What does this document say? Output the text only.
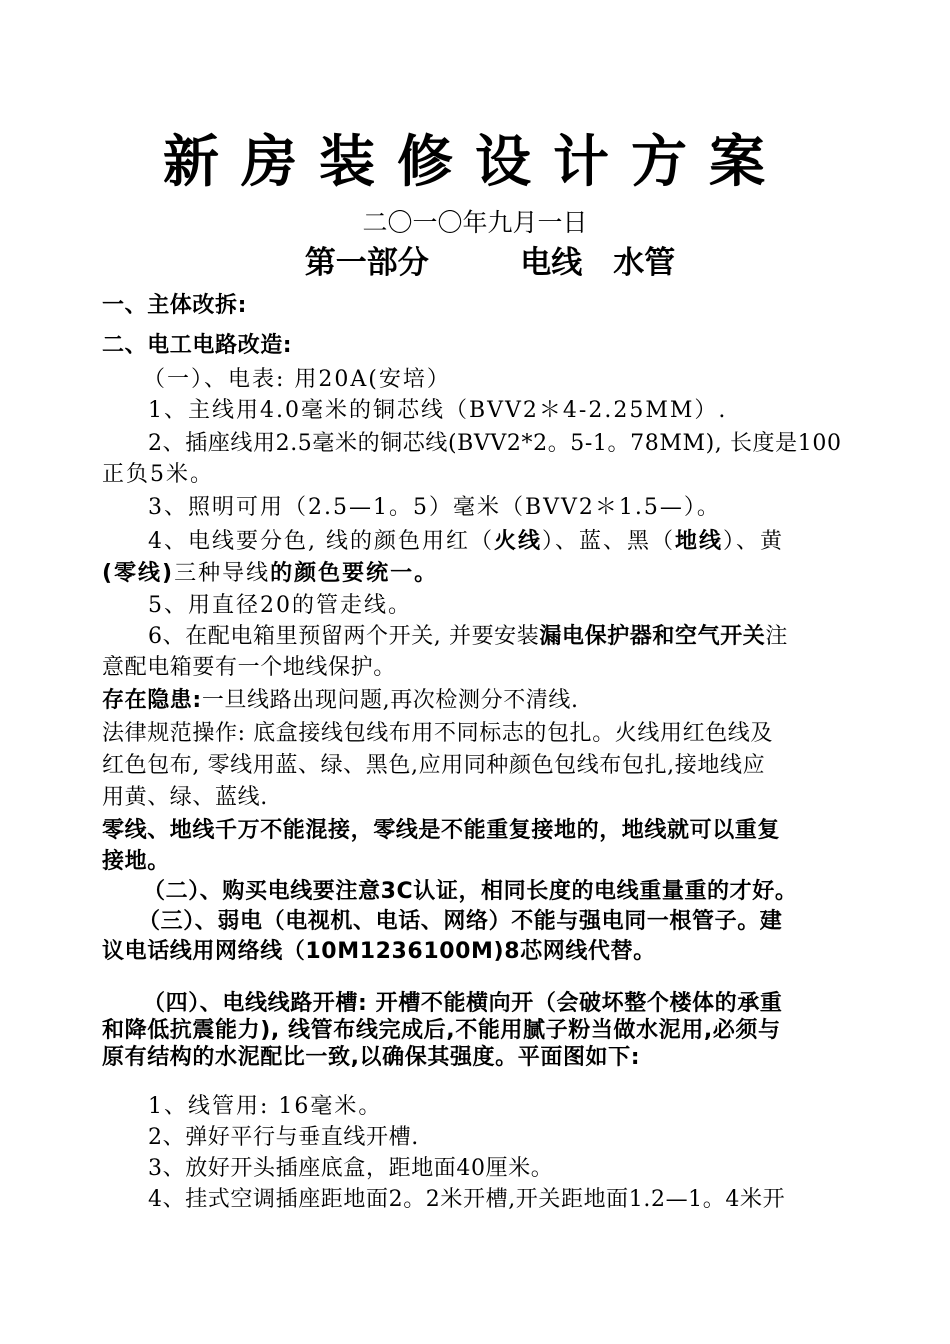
新房装修设计方案
二〇一〇年九月一日
第一部分	电线　水管
一、主体改拆:
二、电工电路改造:
（一）、电表: 用20A(安培）
1、主线用4.0毫米的铜芯线（BVV2＊4-2.25MM）.
2、插座线用2.5毫米的铜芯线(BVV2*2。5-1。78MM), 长度是100
正负5米。
3、照明可用（2.5—1。5）毫米（BVV2＊1.5—）。
4、电线要分色, 线的颜色用红（火线）、蓝、黑（地线）、黄
(零线)三种导线的颜色要统一。
5、用直径20的管走线。
6、在配电箱里预留两个开关, 并要安装漏电保护器和空气开关注
意配电箱要有一个地线保护。
存在隐患:一旦线路出现问题,再次检测分不清线.
法律规范操作: 底盒接线包线布用不同标志的包扎。火线用红色线及
红色包布, 零线用蓝、绿、黑色,应用同种颜色包线布包扎,接地线应
用黄、绿、蓝线.
零线、地线千万不能混接，零线是不能重复接地的，地线就可以重复
接地。
（二）、购买电线要注意3C认证，相同长度的电线重量重的才好。
（三）、弱电（电视机、电话、网络）不能与强电同一根管子。建
议电话线用网络线（10M1236100M)8芯网线代替。
（四）、电线线路开槽: 开槽不能横向开（会破坏整个楼体的承重
和降低抗震能力), 线管布线完成后,不能用腻子粉当做水泥用,必须与
原有结构的水泥配比一致,以确保其强度。平面图如下:
1、线管用: 16毫米。
2、弹好平行与垂直线开槽.
3、放好开头插座底盒，距地面40厘米。
4、挂式空调插座距地面2。2米开槽,开关距地面1.2—1。4米开
